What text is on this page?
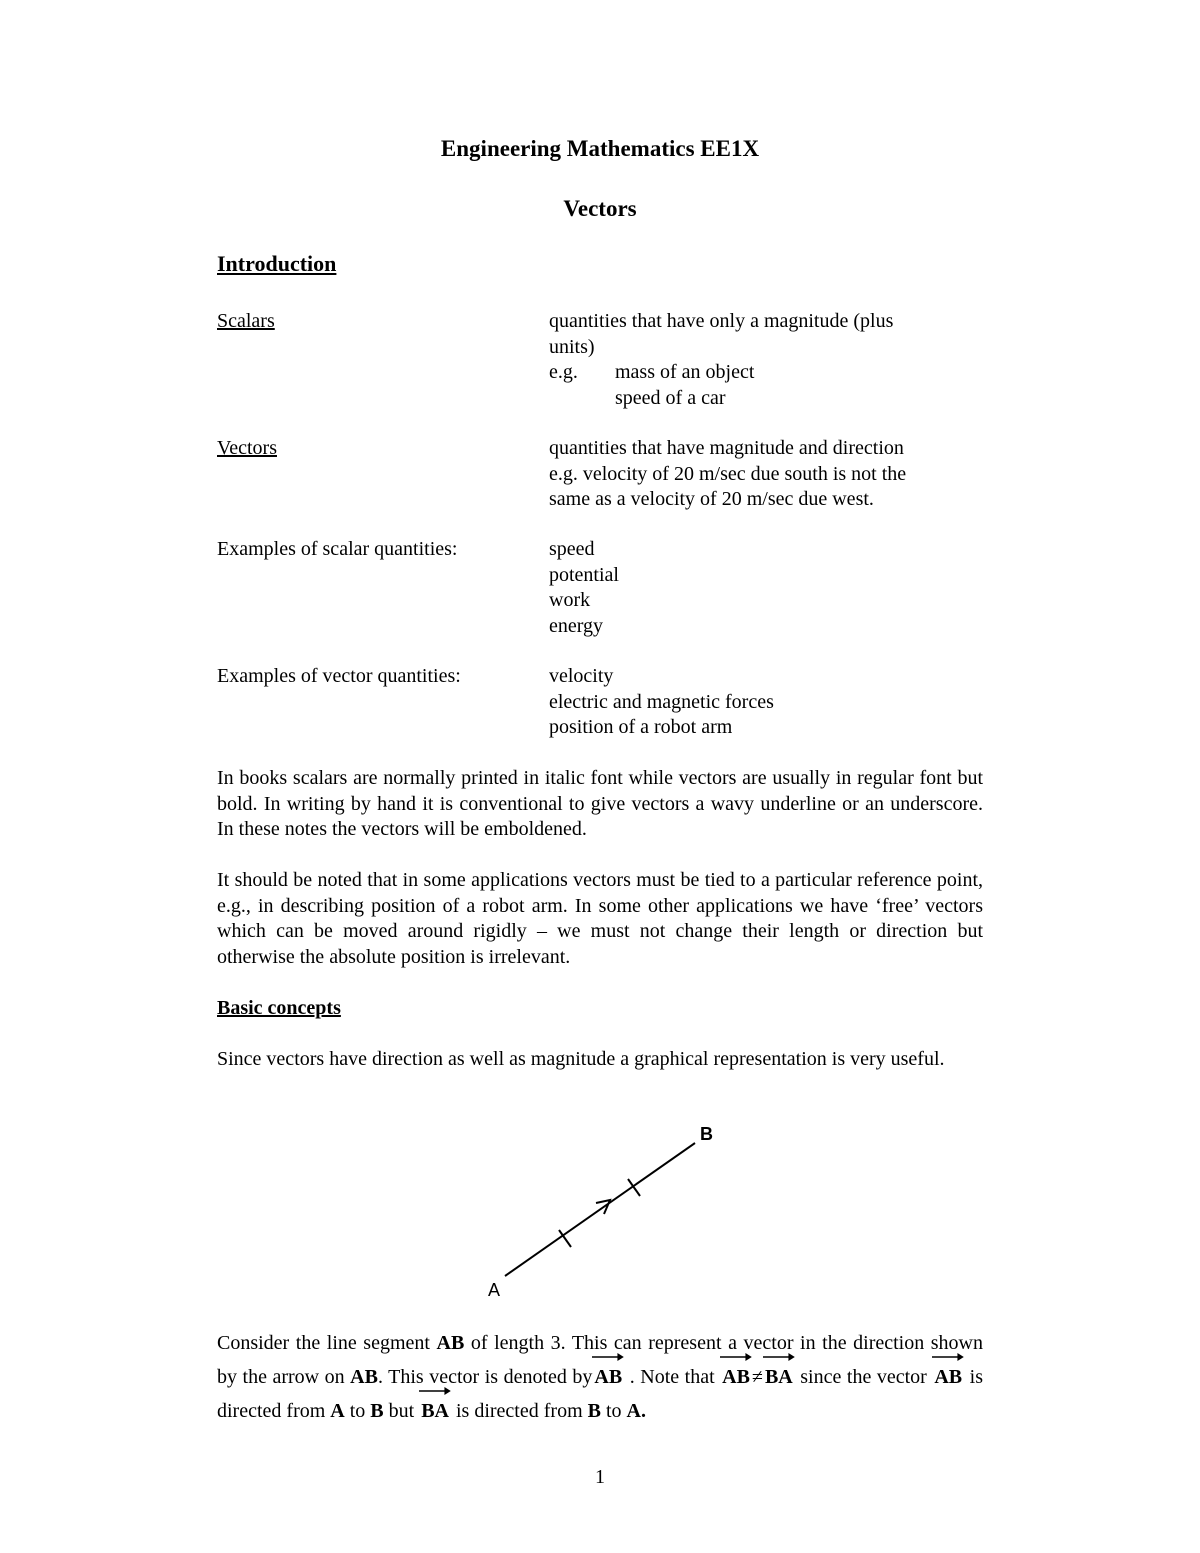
Engineering Mathematics EE1X
Vectors
Introduction
Scalars	quantities that have only a magnitude (plus
units)
e.g. mass of an object
speed of a car
Vectors	quantities that have magnitude and direction
e.g. velocity of 20 m/sec due south is not the
same as a velocity of 20 m/sec due west.
Examples of scalar quantities:	speed
potential
work
energy
Examples of vector quantities:	velocity
electric and magnetic forces
position of a robot arm

In books scalars are normally printed in italic font while vectors are usually in regular font but bold. In writing by hand it is conventional to give vectors a wavy underline or an underscore. In these notes the vectors will be emboldened.

It should be noted that in some applications vectors must be tied to a particular reference point, e.g., in describing position of a robot arm. In some other applications we have ‘free’ vectors which can be moved around rigidly – we must not change their length or direction but otherwise the absolute position is irrelevant.

Basic concepts

Since vectors have direction as well as magnitude a graphical representation is very useful.

A
B

Consider the line segment AB of length 3. This can represent a vector in the direction shown by the arrow on AB. This vector is denoted by AB . Note that
AB ≠ BA since the vector
AB is directed from A to B but
BA is directed from B to A.

1
